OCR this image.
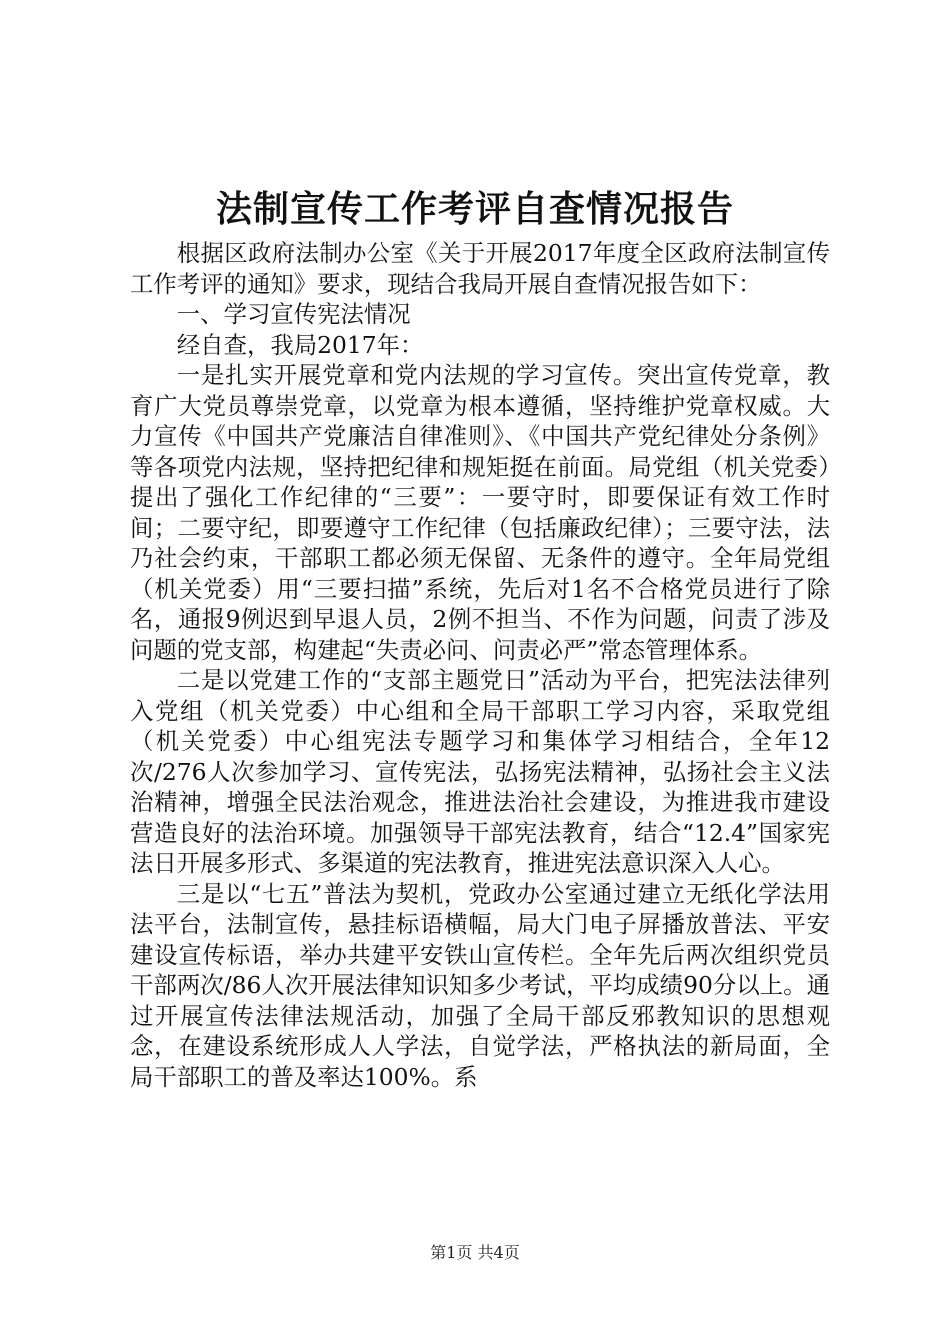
法制宣传工作考评自查情况报告

根据区政府法制办公室《关于开展2017年度全区政府法制宣传工作考评的通知》要求，现结合我局开展自查情况报告如下：

一、学习宣传宪法情况

经自查，我局2017年：

一是扎实开展党章和党内法规的学习宣传。突出宣传党章，教育广大党员尊崇党章，以党章为根本遵循，坚持维护党章权威。大力宣传《中国共产党廉洁自律准则》、《中国共产党纪律处分条例》等各项党内法规，坚持把纪律和规矩挺在前面。局党组（机关党委）提出了强化工作纪律的“三要”：一要守时，即要保证有效工作时间；二要守纪，即要遵守工作纪律（包括廉政纪律）；三要守法，法乃社会约束，干部职工都必须无保留、无条件的遵守。全年局党组（机关党委）用“三要扫描”系统，先后对1名不合格党员进行了除名，通报9例迟到早退人员，2例不担当、不作为问题，问责了涉及问题的党支部，构建起“失责必问、问责必严”常态管理体系。

二是以党建工作的“支部主题党日”活动为平台，把宪法法律列入党组（机关党委）中心组和全局干部职工学习内容，采取党组（机关党委）中心组宪法专题学习和集体学习相结合，全年12次/276人次参加学习、宣传宪法，弘扬宪法精神，弘扬社会主义法治精神，增强全民法治观念，推进法治社会建设，为推进我市建设营造良好的法治环境。加强领导干部宪法教育，结合“12.4”国家宪法日开展多形式、多渠道的宪法教育，推进宪法意识深入人心。

三是以“七五”普法为契机，党政办公室通过建立无纸化学法用法平台，法制宣传，悬挂标语横幅，局大门电子屏播放普法、平安建设宣传标语，举办共建平安铁山宣传栏。全年先后两次组织党员干部两次/86人次开展法律知识知多少考试，平均成绩90分以上。通过开展宣传法律法规活动，加强了全局干部反邪教知识的思想观念，在建设系统形成人人学法，自觉学法，严格执法的新局面，全局干部职工的普及率达100%。系

第1页 共4页
